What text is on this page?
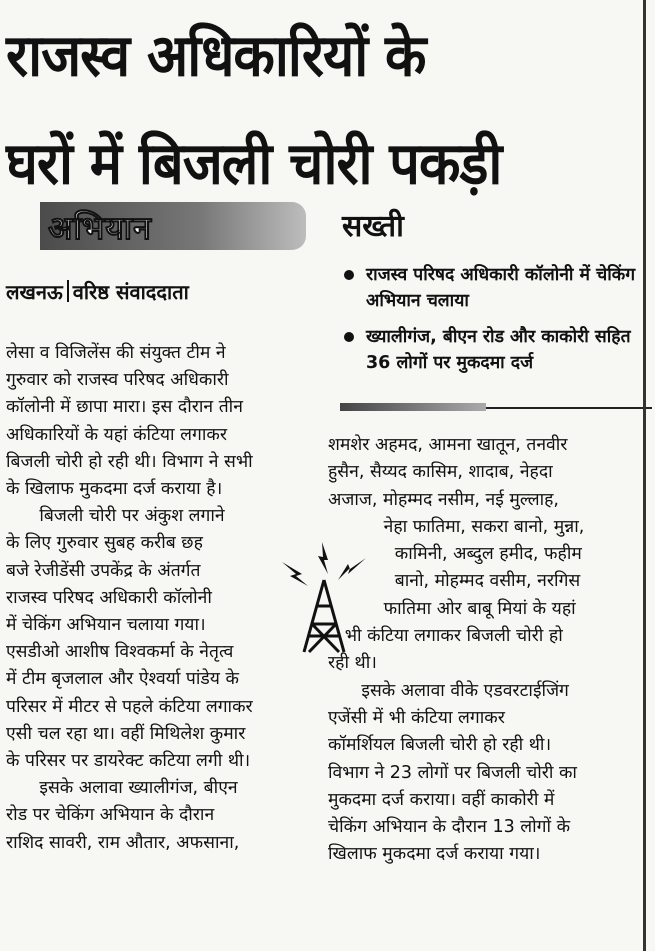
राजस्व अधिकारियों के
घरों में बिजली चोरी पकड़ी
अभियान	सख्ती
लखनऊ वरिष्ठ संवाददाता
राजस्व परिषद अधिकारी कॉलोनी में चेकिंग अभियान चलाया
ख्यालीगंज, बीएन रोड और काकोरी सहित 36 लोगों पर मुकदमा दर्ज
लेसा व विजिलेंस की संयुक्त टीम ने
गुरुवार को राजस्व परिषद अधिकारी
कॉलोनी में छापा मारा। इस दौरान तीन
अधिकारियों के यहां कंटिया लगाकर
बिजली चोरी हो रही थी। विभाग ने सभी
के खिलाफ मुकदमा दर्ज कराया है।
बिजली चोरी पर अंकुश लगाने
के लिए गुरुवार सुबह करीब छह
बजे रेजीडेंसी उपकेंद्र के अंतर्गत
राजस्व परिषद अधिकारी कॉलोनी
में चेकिंग अभियान चलाया गया।
एसडीओ आशीष विश्वकर्मा के नेतृत्व
में टीम बृजलाल और ऐश्वर्या पांडेय के
परिसर में मीटर से पहले कंटिया लगाकर
एसी चल रहा था। वहीं मिथिलेश कुमार
के परिसर पर डायरेक्ट कटिया लगी थी।
इसके अलावा ख्यालीगंज, बीएन
रोड पर चेकिंग अभियान के दौरान
राशिद सावरी, राम औतार, अफसाना,
शमशेर अहमद, आमना खातून, तनवीर
हुसैन, सैय्यद कासिम, शादाब, नेहदा
अजाज, मोहम्मद नसीम, नई मुल्लाह,
नेहा फातिमा, सकरा बानो, मुन्ना,
कामिनी, अब्दुल हमीद, फहीम
बानो, मोहम्मद वसीम, नरगिस
फातिमा ओर बाबू मियां के यहां
भी कंटिया लगाकर बिजली चोरी हो
रही थी।
इसके अलावा वीके एडवरटाईजिंग
एजेंसी में भी कंटिया लगाकर
कॉमर्शियल बिजली चोरी हो रही थी।
विभाग ने 23 लोगों पर बिजली चोरी का
मुकदमा दर्ज कराया। वहीं काकोरी में
चेकिंग अभियान के दौरान 13 लोगों के
खिलाफ मुकदमा दर्ज कराया गया।
